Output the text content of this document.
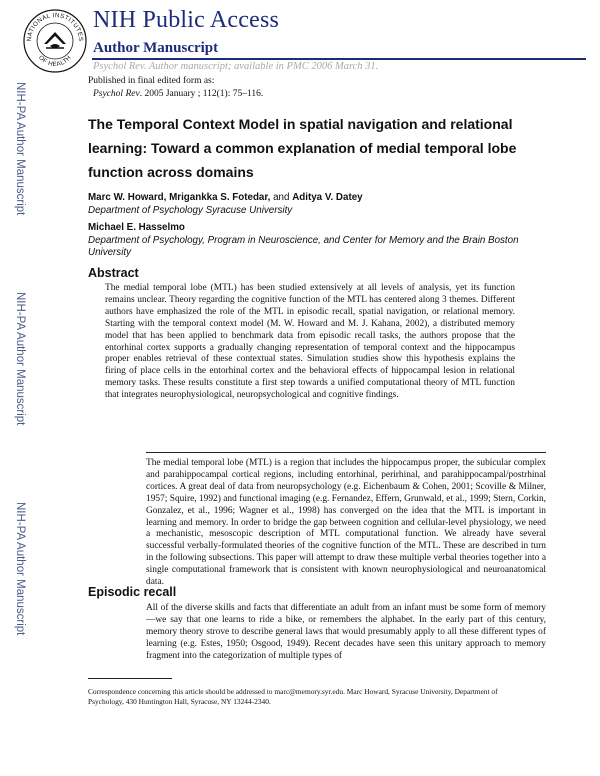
NATIONAL INSTITUTES
OF HEALTH
NIH Public Access
Author Manuscript
Psychol Rev. Author manuscript; available in PMC 2006 March 31.
NIH-PA Author Manuscript
NIH-PA Author Manuscript
NIH-PA Author Manuscript
Published in final edited form as:
Psychol Rev. 2005 January ; 112(1): 75–116.
The Temporal Context Model in spatial navigation and relational learning: Toward a common explanation of medial temporal lobe function across domains
Marc W. Howard, Mrigankka S. Fotedar, and Aditya V. Datey
Department of Psychology Syracuse University
Michael E. Hasselmo
Department of Psychology, Program in Neuroscience, and Center for Memory and the Brain Boston University
Abstract

The medial temporal lobe (MTL) has been studied extensively at all levels of analysis, yet its function remains unclear. Theory regarding the cognitive function of the MTL has centered along 3 themes. Different authors have emphasized the role of the MTL in episodic recall, spatial navigation, or relational memory. Starting with the temporal context model (M. W. Howard and M. J. Kahana, 2002), a distributed memory model that has been applied to benchmark data from episodic recall tasks, the authors propose that the entorhinal cortex supports a gradually changing representation of temporal context and the hippocampus proper enables retrieval of these contextual states. Simulation studies show this hypothesis explains the firing of place cells in the entorhinal cortex and the behavioral effects of hippocampal lesion in relational memory tasks. These results constitute a first step towards a unified computational theory of MTL function that integrates neurophysiological, neuropsychological and cognitive findings.

The medial temporal lobe (MTL) is a region that includes the hippocampus proper, the subicular complex and parahippocampal cortical regions, including entorhinal, perirhinal, and parahippocampal/postrhinal cortices. A great deal of data from neuropsychology (e.g. Eichenbaum & Cohen, 2001; Scoville & Milner, 1957; Squire, 1992) and functional imaging (e.g. Fernandez, Effern, Grunwald, et al., 1999; Stern, Corkin, Gonzalez, et al., 1996; Wagner et al., 1998) has converged on the idea that the MTL is important in learning and memory. In order to bridge the gap between cognition and cellular-level physiology, we need a mechanistic, mesoscopic description of MTL computational function. We already have several successful verbally-formulated theories of the cognitive function of the MTL. These are described in turn in the following subsections. This paper will attempt to draw these multiple verbal theories together into a single computational framework that is consistent with known neurophysiological and neuroanatomical data.

Episodic recall

All of the diverse skills and facts that differentiate an adult from an infant must be some form of memory—we say that one learns to ride a bike, or remembers the alphabet. In the early part of this century, memory theory strove to describe general laws that would presumably apply to all these different types of learning (e.g. Estes, 1950; Osgood, 1949). Recent decades have seen this unitary approach to memory fragment into the categorization of multiple types of

Correspondence concerning this article should be addressed to marc@memory.syr.edu. Marc Howard, Syracuse University, Department of Psychology, 430 Huntington Hall, Syracuse, NY 13244-2340.
